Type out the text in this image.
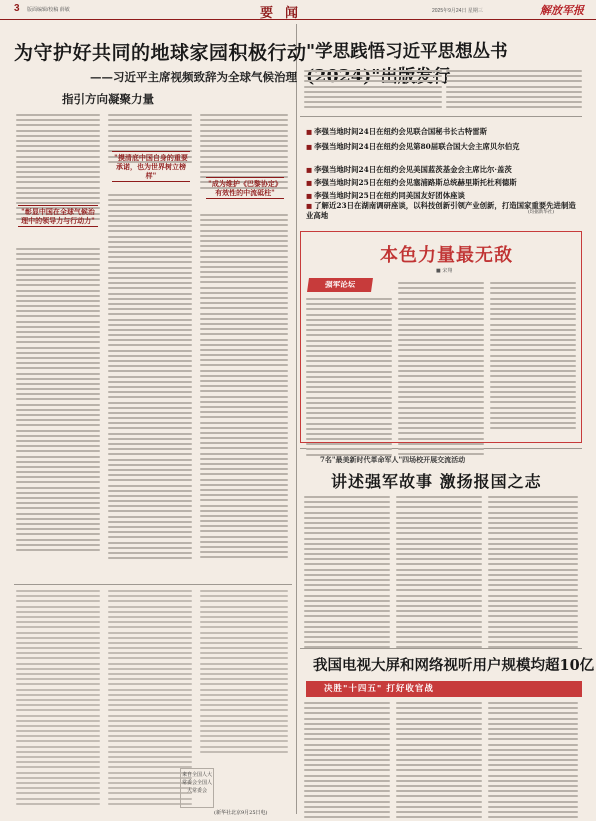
3 版面编辑/校稿 薛敏	要闻	2025年9月24日 星期三	解放军报
为守护好共同的地球家园积极行动
——习近平主席视频致辞为全球气候治理
指引方向凝聚力量
"彰显中国在全球气候治理中的领导力与行动力"
"摸清底中国自身的重要承诺，也为世界树立榜样"
"成为维护《巴黎协定》有效性的中流砥柱"
来自全国人大常委会全国人大常委会
(新华社北京9月25日电)
"学思践悟习近平思想丛书 行
■ 李强当地时间24日在纽约会见联合国秘书长古特雷斯
■ 李强当地时间24日在纽约会见第80届联合国大会主席贝尔伯克
■ 李强当地时间24日在纽约会见美国蓝茨基金会主席比尔·盖茨
■ 李强当地时间25日在纽约会见塞浦路斯总统赫里斯托杜利德斯
■ 李强当地时间25日在纽约同美国友好团体座谈
■ 了解近23日在湖南调研座谈，以科技创新引领产业创新，打造国家重要先进制造业高地	(均据新华社)
本色力量最无敌
■ 宋翔
强军论坛
7名"最美新时代革命军人"四场校开展交流活动
讲述强军故事 激扬报国之志
我国电视大屏和网络视听用户规模均超10亿
决胜"十四五" 打好收官战
